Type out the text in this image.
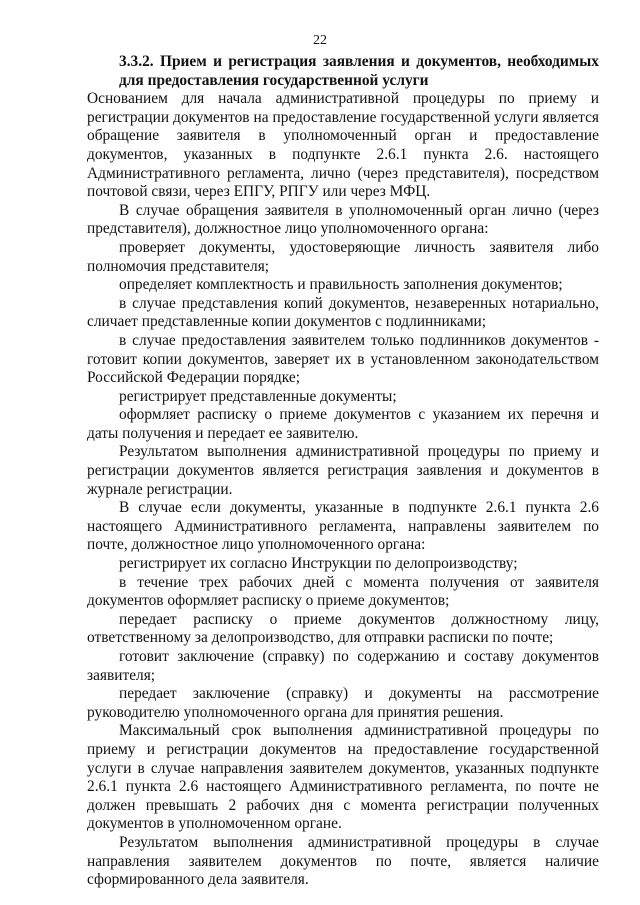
22

3.3.2. Прием и регистрация заявления и документов, необходимых для предоставления государственной услуги

Основанием для начала административной процедуры по приему и регистрации документов на предоставление государственной услуги является обращение заявителя в уполномоченный орган и предоставление документов, указанных в подпункте 2.6.1 пункта 2.6. настоящего Административного регламента, лично (через представителя), посредством почтовой связи, через ЕПГУ, РПГУ или через МФЦ.

В случае обращения заявителя в уполномоченный орган лично (через представителя), должностное лицо уполномоченного органа:

проверяет документы, удостоверяющие личность заявителя либо полномочия представителя;

определяет комплектность и правильность заполнения документов;

в случае представления копий документов, незаверенных нотариально, сличает представленные копии документов с подлинниками;

в случае предоставления заявителем только подлинников документов - готовит копии документов, заверяет их в установленном законодательством Российской Федерации порядке;

регистрирует представленные документы;

оформляет расписку о приеме документов с указанием их перечня и даты получения и передает ее заявителю.

Результатом выполнения административной процедуры по приему и регистрации документов является регистрация заявления и документов в журнале регистрации.

В случае если документы, указанные в подпункте 2.6.1 пункта 2.6 настоящего Административного регламента, направлены заявителем по почте, должностное лицо уполномоченного органа:

регистрирует их согласно Инструкции по делопроизводству;

в течение трех рабочих дней с момента получения от заявителя документов оформляет расписку о приеме документов;

передает расписку о приеме документов должностному лицу, ответственному за делопроизводство, для отправки расписки по почте;

готовит заключение (справку) по содержанию и составу документов заявителя;

передает заключение (справку) и документы на рассмотрение руководителю уполномоченного органа для принятия решения.

Максимальный срок выполнения административной процедуры по приему и регистрации документов на предоставление государственной услуги в случае направления заявителем документов, указанных подпункте 2.6.1 пункта 2.6 настоящего Административного регламента, по почте не должен превышать 2 рабочих дня с момента регистрации полученных документов в уполномоченном органе.

Результатом выполнения административной процедуры в случае направления заявителем документов по почте, является наличие сформированного дела заявителя.
